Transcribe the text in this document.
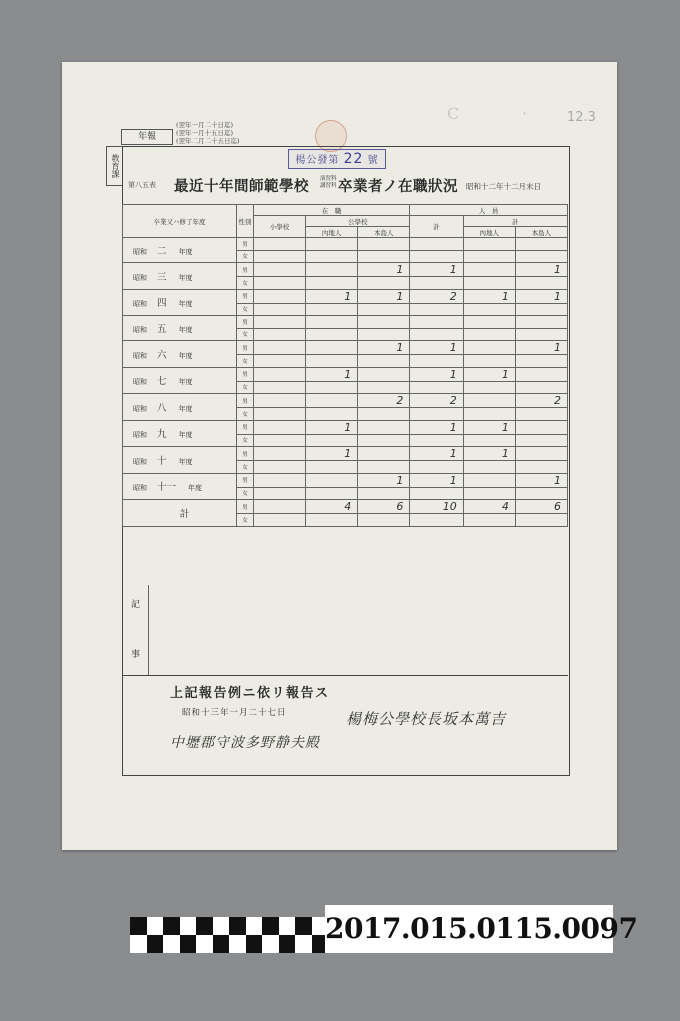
C	·	12.3
年報
(翌年一月二十日迄)
(翌年一月十五日迄)
(翌年二月二十五日迄)
教育課	楊公發第 22 號
第八五表 最近十年間師範學校 演習科
講習科 卒業者ノ在職狀況 昭和十二年十二月末日
卒業又ハ修了年度	性別	在　職			人　員		
		小學校	公學校		計	計	
			內地人	本島人		內地人	本島人
昭和 二 年度	男						
	女						
昭和 三 年度	男			1	1		1
	女						
昭和 四 年度	男		1	1	2	1	1
	女						
昭和 五 年度	男						
	女						
昭和 六 年度	男			1	1		1
	女						
昭和 七 年度	男		1		1	1	
	女						
昭和 八 年度	男			2	2		2
	女						
昭和 九 年度	男		1		1	1	
	女						
昭和 十 年度	男		1		1	1	
	女						
昭和 十一 年度	男			1	1		1
	女						
計	男		4	6	10	4	6
	女						
記
事
上記報告例ニ依リ報告ス
昭和十三年一月二十七日	楊梅公學校長坂本萬吉
中壢郡守波多野静夫殿
2017.015.0115.0097
